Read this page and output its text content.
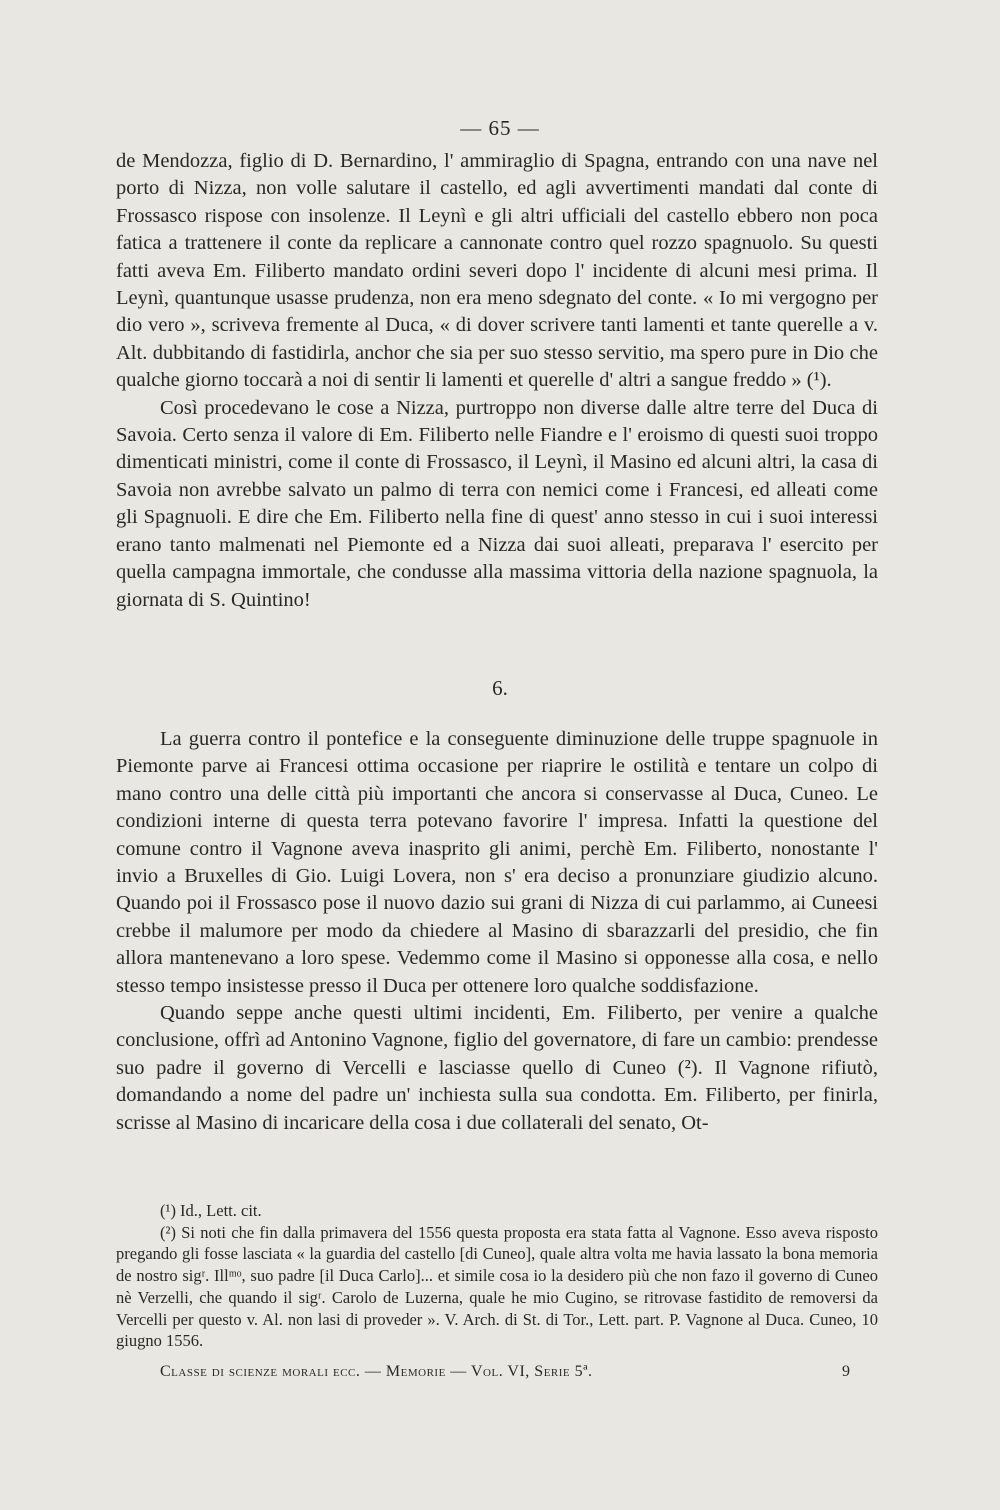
— 65 —

de Mendozza, figlio di D. Bernardino, l' ammiraglio di Spagna, entrando con una nave nel porto di Nizza, non volle salutare il castello, ed agli avvertimenti mandati dal conte di Frossasco rispose con insolenze. Il Leynì e gli altri ufficiali del castello ebbero non poca fatica a trattenere il conte da replicare a cannonate contro quel rozzo spagnuolo. Su questi fatti aveva Em. Filiberto mandato ordini severi dopo l' incidente di alcuni mesi prima. Il Leynì, quantunque usasse prudenza, non era meno sdegnato del conte. « Io mi vergogno per dio vero », scriveva fremente al Duca, « di dover scrivere tanti lamenti et tante querelle a v. Alt. dubbitando di fastidirla, anchor che sia per suo stesso servitio, ma spero pure in Dio che qualche giorno toccarà a noi di sentir li lamenti et querelle d' altri a sangue freddo » (¹).

Così procedevano le cose a Nizza, purtroppo non diverse dalle altre terre del Duca di Savoia. Certo senza il valore di Em. Filiberto nelle Fiandre e l' eroismo di questi suoi troppo dimenticati ministri, come il conte di Frossasco, il Leynì, il Masino ed alcuni altri, la casa di Savoia non avrebbe salvato un palmo di terra con nemici come i Francesi, ed alleati come gli Spagnuoli. E dire che Em. Filiberto nella fine di quest' anno stesso in cui i suoi interessi erano tanto malmenati nel Piemonte ed a Nizza dai suoi alleati, preparava l' esercito per quella campagna immortale, che condusse alla massima vittoria della nazione spagnuola, la giornata di S. Quintino!

6.

La guerra contro il pontefice e la conseguente diminuzione delle truppe spagnuole in Piemonte parve ai Francesi ottima occasione per riaprire le ostilità e tentare un colpo di mano contro una delle città più importanti che ancora si conservasse al Duca, Cuneo. Le condizioni interne di questa terra potevano favorire l' impresa. Infatti la questione del comune contro il Vagnone aveva inasprito gli animi, perchè Em. Filiberto, nonostante l' invio a Bruxelles di Gio. Luigi Lovera, non s' era deciso a pronunziare giudizio alcuno. Quando poi il Frossasco pose il nuovo dazio sui grani di Nizza di cui parlammo, ai Cuneesi crebbe il malumore per modo da chiedere al Masino di sbarazzarli del presidio, che fin allora mantenevano a loro spese. Vedemmo come il Masino si opponesse alla cosa, e nello stesso tempo insistesse presso il Duca per ottenere loro qualche soddisfazione.

Quando seppe anche questi ultimi incidenti, Em. Filiberto, per venire a qualche conclusione, offrì ad Antonino Vagnone, figlio del governatore, di fare un cambio: prendesse suo padre il governo di Vercelli e lasciasse quello di Cuneo (²). Il Vagnone rifiutò, domandando a nome del padre un' inchiesta sulla sua condotta. Em. Filiberto, per finirla, scrisse al Masino di incaricare della cosa i due collaterali del senato, Ot-

(¹) Id., Lett. cit.

(²) Si noti che fin dalla primavera del 1556 questa proposta era stata fatta al Vagnone. Esso aveva risposto pregando gli fosse lasciata « la guardia del castello [di Cuneo], quale altra volta me havia lassato la bona memoria de nostro sigʳ. Illᵐᵒ, suo padre [il Duca Carlo]... et simile cosa io la desidero più che non fazo il governo di Cuneo nè Verzelli, che quando il sigʳ. Carolo de Luzerna, quale he mio Cugino, se ritrovase fastidito de removersi da Vercelli per questo v. Al. non lasi di proveder ». V. Arch. di St. di Tor., Lett. part. P. Vagnone al Duca. Cuneo, 10 giugno 1556.

Classe di scienze morali ecc. — Memorie — Vol. VI, Serie 5ª.	9
